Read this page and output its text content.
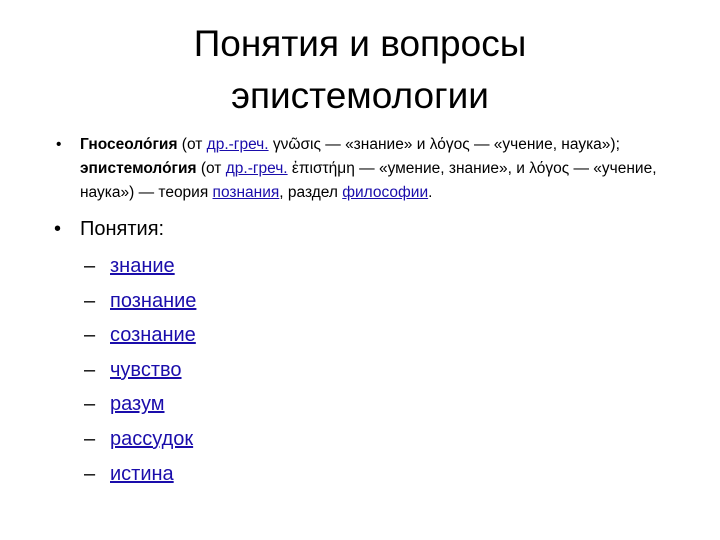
Понятия и вопросы
эпистемологии
• Гносеоло́гия (от др.-греч. γνῶσις — «знание» и λόγος — «учение, наука»); эпистемоло́гия (от др.-греч. ἐπιστήμη — «умение, знание», и λόγος — «учение, наука») — теория познания, раздел философии.
• Понятия:
– знание
– познание
– сознание
– чувство
– разум
– рассудок
– истина
